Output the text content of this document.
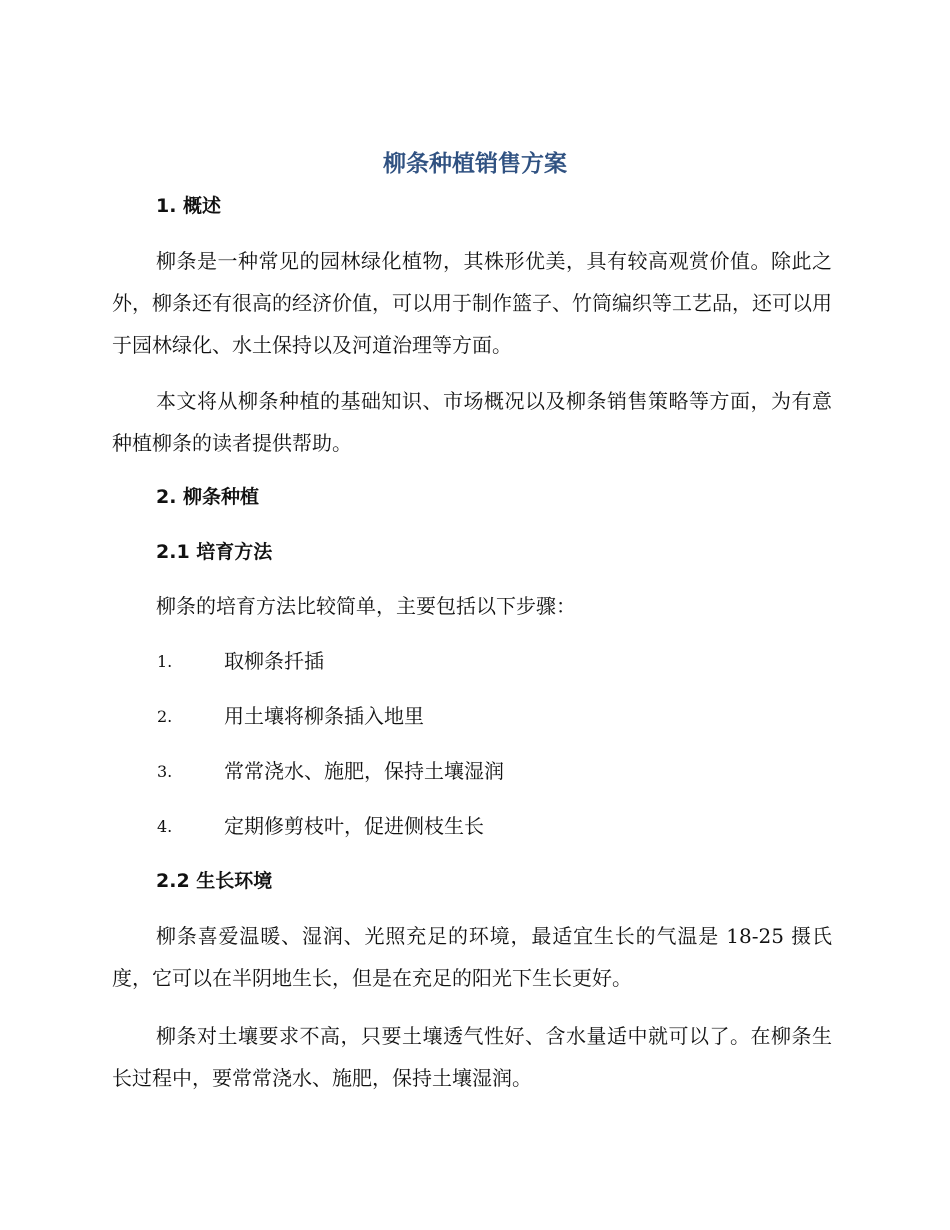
柳条种植销售方案
1. 概述
柳条是一种常见的园林绿化植物，其株形优美，具有较高观赏价值。除此之外，柳条还有很高的经济价值，可以用于制作篮子、竹筒编织等工艺品，还可以用于园林绿化、水土保持以及河道治理等方面。
本文将从柳条种植的基础知识、市场概况以及柳条销售策略等方面，为有意种植柳条的读者提供帮助。
2. 柳条种植
2.1 培育方法
柳条的培育方法比较简单，主要包括以下步骤：
1.	取柳条扦插
2.	用土壤将柳条插入地里
3.	常常浇水、施肥，保持土壤湿润
4.	定期修剪枝叶，促进侧枝生长
2.2 生长环境
柳条喜爱温暖、湿润、光照充足的环境，最适宜生长的气温是 18-25 摄氏度，它可以在半阴地生长，但是在充足的阳光下生长更好。
柳条对土壤要求不高，只要土壤透气性好、含水量适中就可以了。在柳条生长过程中，要常常浇水、施肥，保持土壤湿润。
